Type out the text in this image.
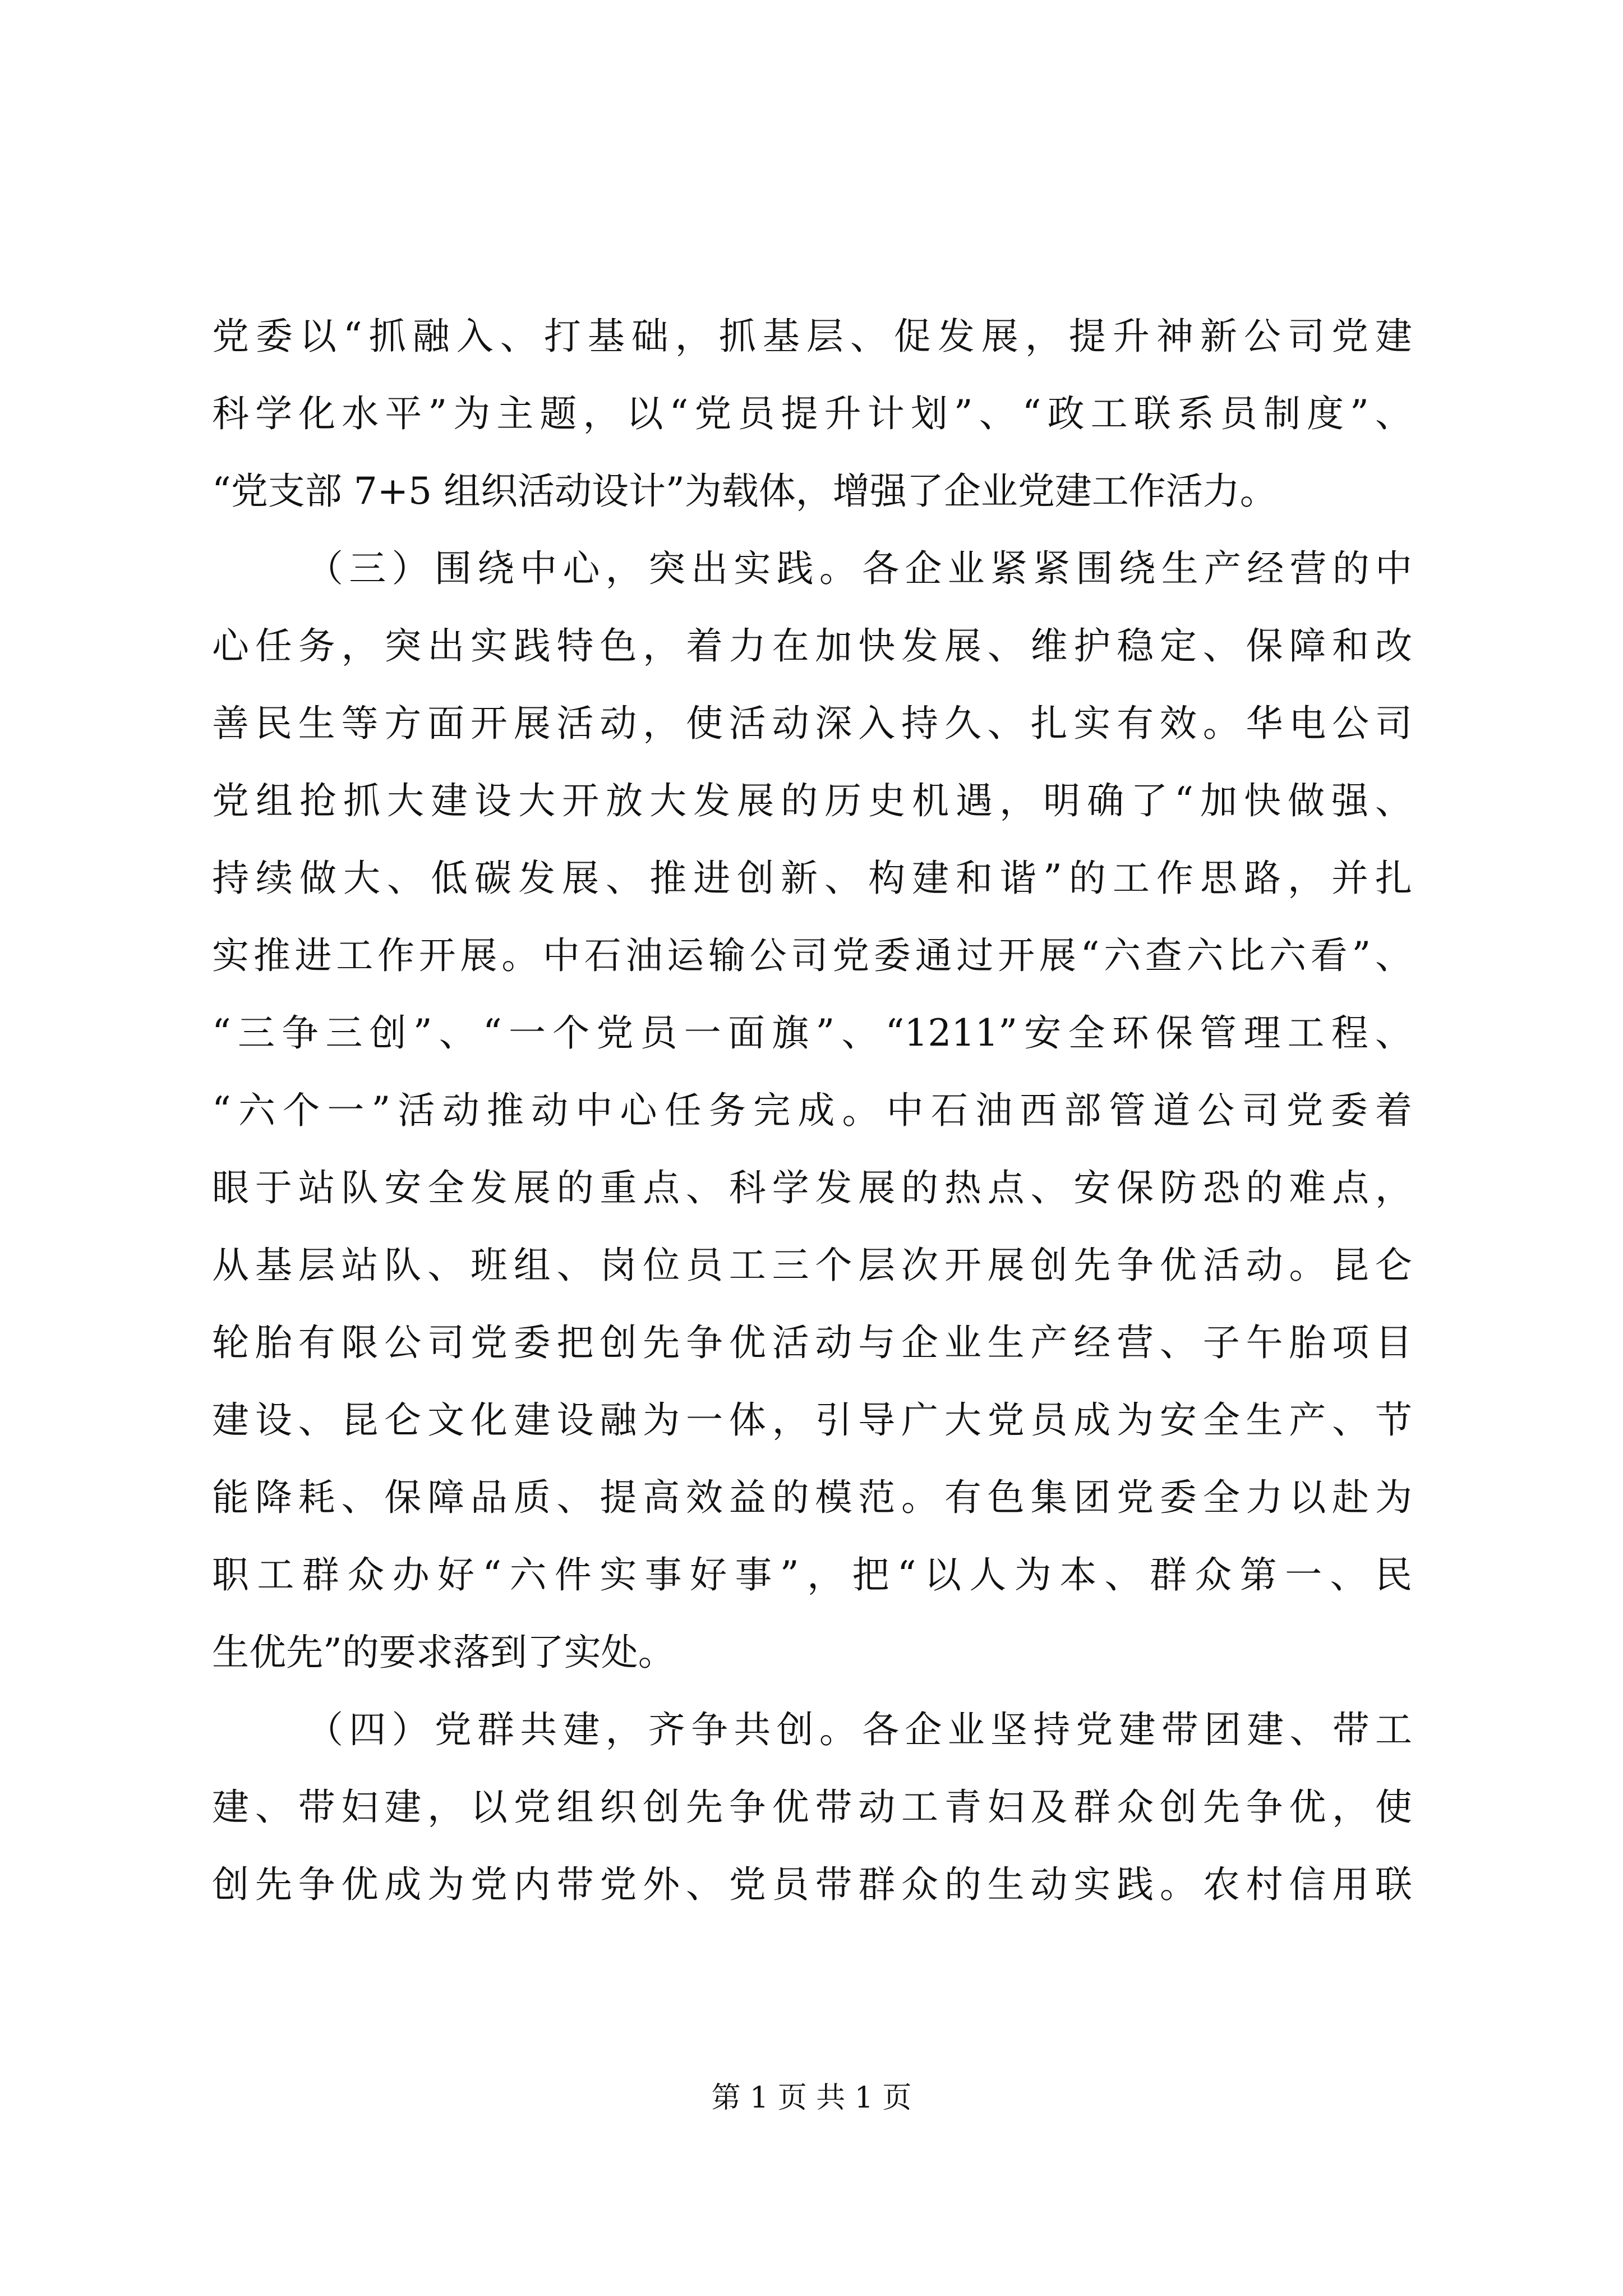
党委以“抓融入、打基础，抓基层、促发展，提升神新公司党建
科学化水平”为主题，以“党员提升计划”、“政工联系员制度”、
“党支部 7+5 组织活动设计”为载体，增强了企业党建工作活力。
（三）围绕中心，突出实践。各企业紧紧围绕生产经营的中
心任务，突出实践特色，着力在加快发展、维护稳定、保障和改
善民生等方面开展活动，使活动深入持久、扎实有效。华电公司
党组抢抓大建设大开放大发展的历史机遇，明确了“加快做强、
持续做大、低碳发展、推进创新、构建和谐”的工作思路，并扎
实推进工作开展。中石油运输公司党委通过开展“六查六比六看”、
“三争三创”、“一个党员一面旗”、“1211”安全环保管理工程、
“六个一”活动推动中心任务完成。中石油西部管道公司党委着
眼于站队安全发展的重点、科学发展的热点、安保防恐的难点，
从基层站队、班组、岗位员工三个层次开展创先争优活动。昆仑
轮胎有限公司党委把创先争优活动与企业生产经营、子午胎项目
建设、昆仑文化建设融为一体，引导广大党员成为安全生产、节
能降耗、保障品质、提高效益的模范。有色集团党委全力以赴为
职工群众办好“六件实事好事”，把“以人为本、群众第一、民
生优先”的要求落到了实处。
（四）党群共建，齐争共创。各企业坚持党建带团建、带工
建、带妇建，以党组织创先争优带动工青妇及群众创先争优，使
创先争优成为党内带党外、党员带群众的生动实践。农村信用联
第 1 页 共 1 页
